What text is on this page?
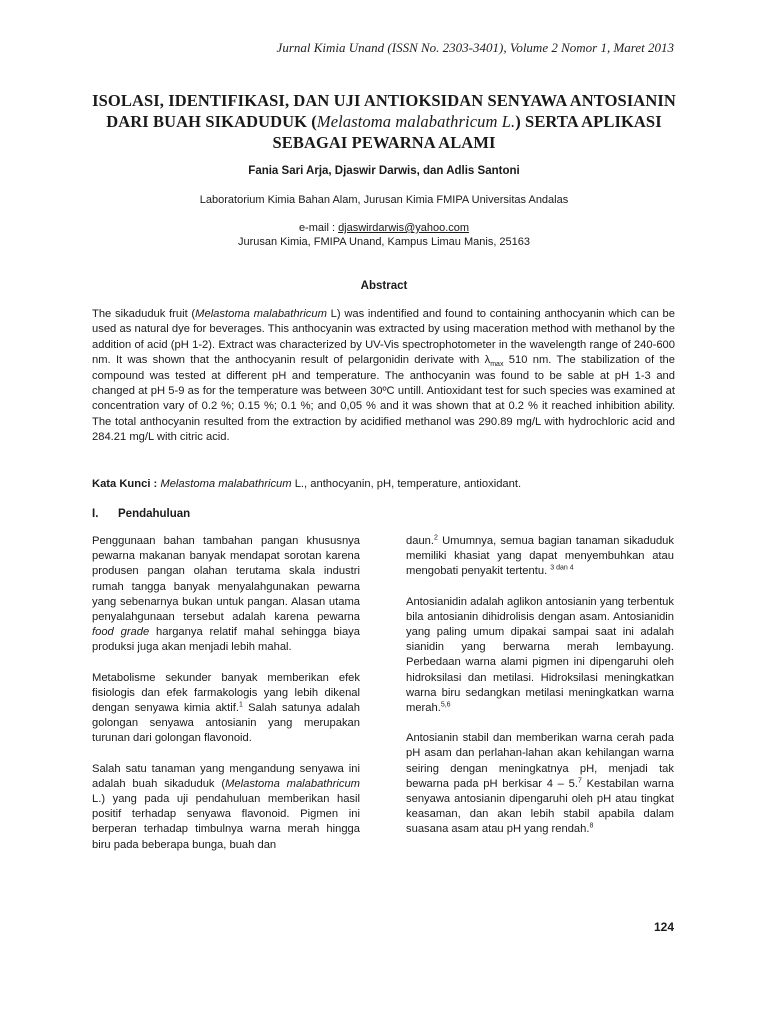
Jurnal Kimia Unand (ISSN No. 2303-3401), Volume 2 Nomor 1, Maret 2013
ISOLASI, IDENTIFIKASI, DAN UJI ANTIOKSIDAN SENYAWA ANTOSIANIN DARI BUAH SIKADUDUK (Melastoma malabathricum L.) SERTA APLIKASI SEBAGAI PEWARNA ALAMI
Fania Sari Arja, Djaswir Darwis, dan Adlis Santoni
Laboratorium Kimia Bahan Alam, Jurusan Kimia FMIPA Universitas Andalas
e-mail : djaswirdarwis@yahoo.com
Jurusan Kimia, FMIPA Unand, Kampus Limau Manis, 25163
Abstract

The sikaduduk fruit (Melastoma malabathricum L) was indentified and found to containing anthocyanin which can be used as natural dye for beverages. This anthocyanin was extracted by using maceration method with methanol by the addition of acid (pH 1-2). Extract was characterized by UV-Vis spectrophotometer in the wavelength range of 240-600 nm. It was shown that the anthocyanin result of pelargonidin derivate with $\lambda_{max}$ 510 nm. The stabilization of the compound was tested at different pH and temperature. The anthocyanin was found to be sable at pH 1-3 and changed at pH 5-9 as for the temperature was between 30ºC untill. Antioxidant test for such species was examined at concentration vary of 0.2 %; 0.15 %; 0.1 %; and 0,05 % and it was shown that at 0.2 % it reached inhibition ability. The total anthocyanin resulted from the extraction by acidified methanol was 290.89 mg/L with hydrochloric acid and 284.21 mg/L with citric acid.

Kata Kunci : Melastoma malabathricum L., anthocyanin, pH, temperature, antioxidant.
I. Pendahuluan

Penggunaan bahan tambahan pangan khususnya pewarna makanan banyak mendapat sorotan karena produsen pangan olahan terutama skala industri rumah tangga banyak menyalahgunakan pewarna yang sebenarnya bukan untuk pangan. Alasan utama penyalahgunaan tersebut adalah karena pewarna food grade harganya relatif mahal sehingga biaya produksi juga akan menjadi lebih mahal.

Metabolisme sekunder banyak memberikan efek fisiologis dan efek farmakologis yang lebih dikenal dengan senyawa kimia aktif.$^1$ Salah satunya adalah golongan senyawa antosianin yang merupakan turunan dari golongan flavonoid.

Salah satu tanaman yang mengandung senyawa ini adalah buah sikaduduk (Melastoma malabathricum L.) yang pada uji pendahuluan memberikan hasil positif terhadap senyawa flavonoid. Pigmen ini berperan terhadap timbulnya warna merah hingga biru pada beberapa bunga, buah dan

daun.$^2$ Umumnya, semua bagian tanaman sikaduduk memiliki khasiat yang dapat menyembuhkan atau mengobati penyakit tertentu. $^{3 dan 4}$

Antosianidin adalah aglikon antosianin yang terbentuk bila antosianin dihidrolisis dengan asam. Antosianidin yang paling umum dipakai sampai saat ini adalah sianidin yang berwarna merah lembayung. Perbedaan warna alami pigmen ini dipengaruhi oleh hidroksilasi dan metilasi. Hidroksilasi meningkatkan warna biru sedangkan metilasi meningkatkan warna merah.$^{5,6}$

Antosianin stabil dan memberikan warna cerah pada pH asam dan perlahan-lahan akan kehilangan warna seiring dengan meningkatnya pH, menjadi tak bewarna pada pH berkisar 4 – 5.$^7$ Kestabilan warna senyawa antosianin dipengaruhi oleh pH atau tingkat keasaman, dan akan lebih stabil apabila dalam suasana asam atau pH yang rendah.$^8$

124
